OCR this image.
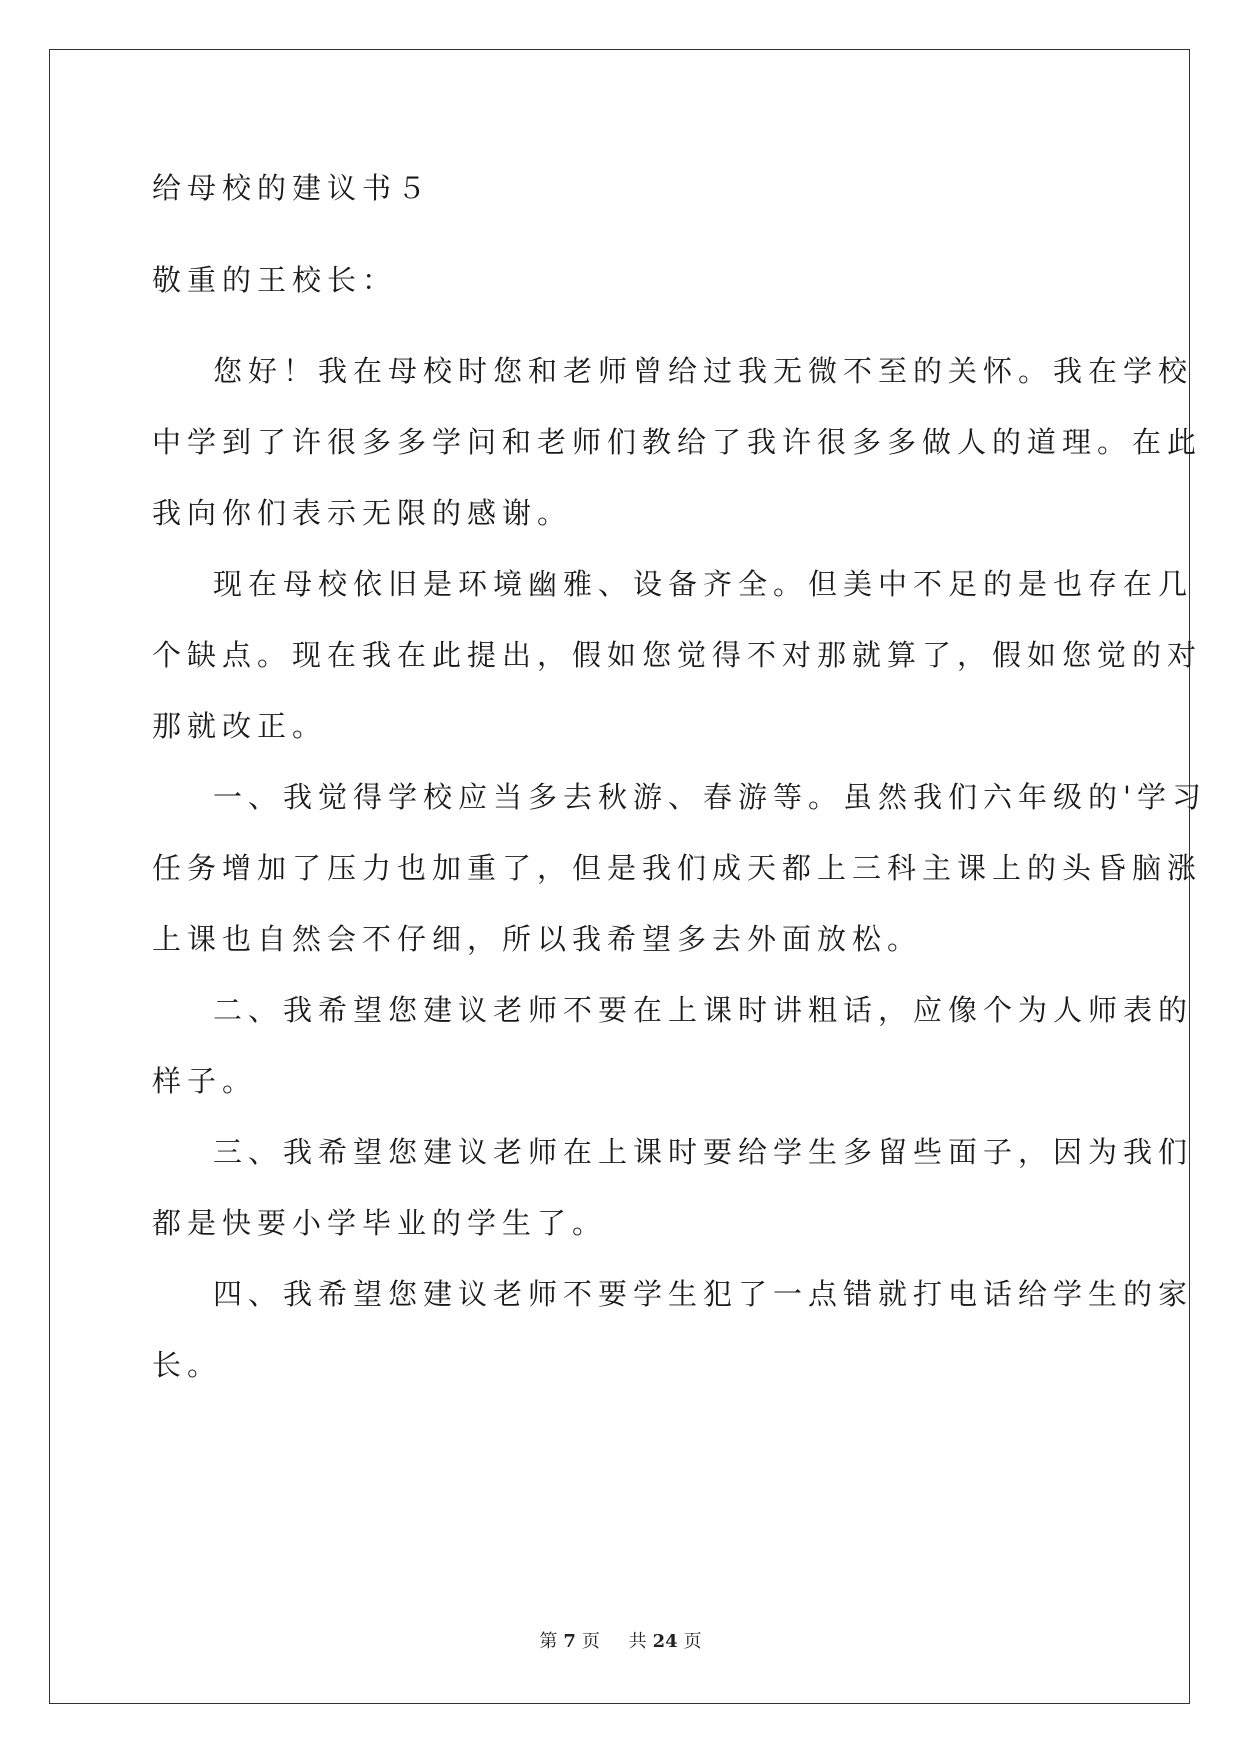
给母校的建议书５
敬重的王校长：
您好！我在母校时您和老师曾给过我无微不至的关怀。我在学校
中学到了许很多多学问和老师们教给了我许很多多做人的道理。在此
我向你们表示无限的感谢。
现在母校依旧是环境幽雅、设备齐全。但美中不足的是也存在几
个缺点。现在我在此提出，假如您觉得不对那就算了，假如您觉的对
那就改正。
一、我觉得学校应当多去秋游、春游等。虽然我们六年级的'学习
任务增加了压力也加重了，但是我们成天都上三科主课上的头昏脑涨
上课也自然会不仔细，所以我希望多去外面放松。
二、我希望您建议老师不要在上课时讲粗话，应像个为人师表的
样子。
三、我希望您建议老师在上课时要给学生多留些面子，因为我们
都是快要小学毕业的学生了。
四、我希望您建议老师不要学生犯了一点错就打电话给学生的家
长。
第 7 页 共 24 页
